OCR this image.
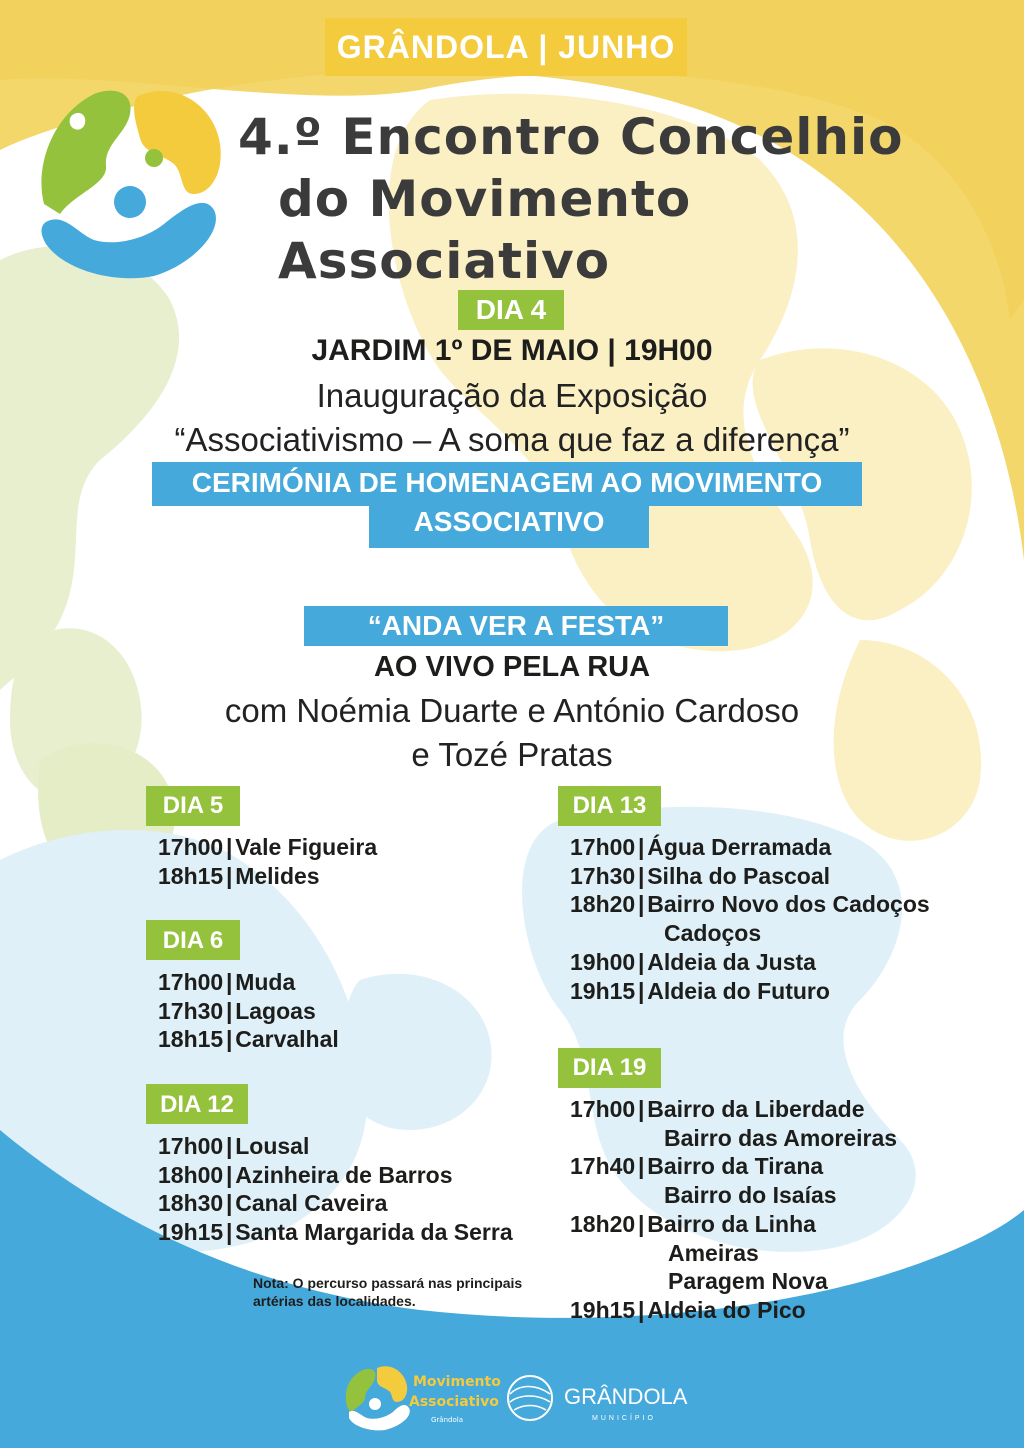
GRÂNDOLA | JUNHO
4.º Encontro Concelhio
do Movimento Associativo
DIA 4
JARDIM 1º DE MAIO | 19H00
Inauguração da Exposição
“Associativismo – A soma que faz a diferença”
CERIMÓNIA DE HOMENAGEM AO MOVIMENTO
ASSOCIATIVO
“ANDA VER A FESTA”
AO VIVO PELA RUA
com Noémia Duarte e António Cardoso
e Tozé Pratas
DIA 5
17h00 | Vale Figueira
18h15 | Melides
DIA 6
17h00 | Muda
17h30 | Lagoas
18h15 | Carvalhal
DIA 12
17h00 | Lousal
18h00 | Azinheira de Barros
18h30 | Canal Caveira
19h15 | Santa Margarida da Serra
Nota: O percurso passará nas principais artérias das localidades.
DIA 13
17h00 | Água Derramada
17h30 | Silha do Pascoal
18h20 | Bairro Novo dos Cadoços
Cadoços
19h00 | Aldeia da Justa
19h15 | Aldeia do Futuro
DIA 19
17h00 | Bairro da Liberdade
Bairro das Amoreiras
17h40 | Bairro da Tirana
Bairro do Isaías
18h20 | Bairro da Linha
Ameiras
Paragem Nova
19h15 | Aldeia do Pico
Movimento
Associativo
Grândola
GRÂNDOLA
MUNICÍPIO
